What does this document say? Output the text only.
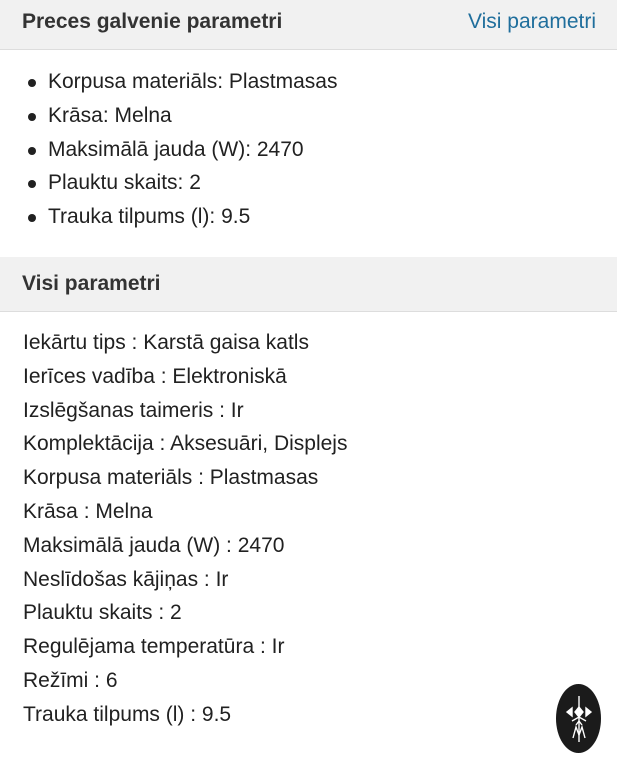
Preces galvenie parametri	Visi parametri
Korpusa materiāls: Plastmasas
Krāsa: Melna
Maksimālā jauda (W): 2470
Plauktu skaits: 2
Trauka tilpums (l): 9.5
Visi parametri
Iekārtu tips : Karstā gaisa katls
Ierīces vadība : Elektroniskā
Izslēgšanas taimeris : Ir
Komplektācija : Aksesuāri, Displejs
Korpusa materiāls : Plastmasas
Krāsa : Melna
Maksimālā jauda (W) : 2470
Neslīdošas kājiņas : Ir
Plauktu skaits : 2
Regulējama temperatūra : Ir
Režīmi : 6
Trauka tilpums (l) : 9.5
